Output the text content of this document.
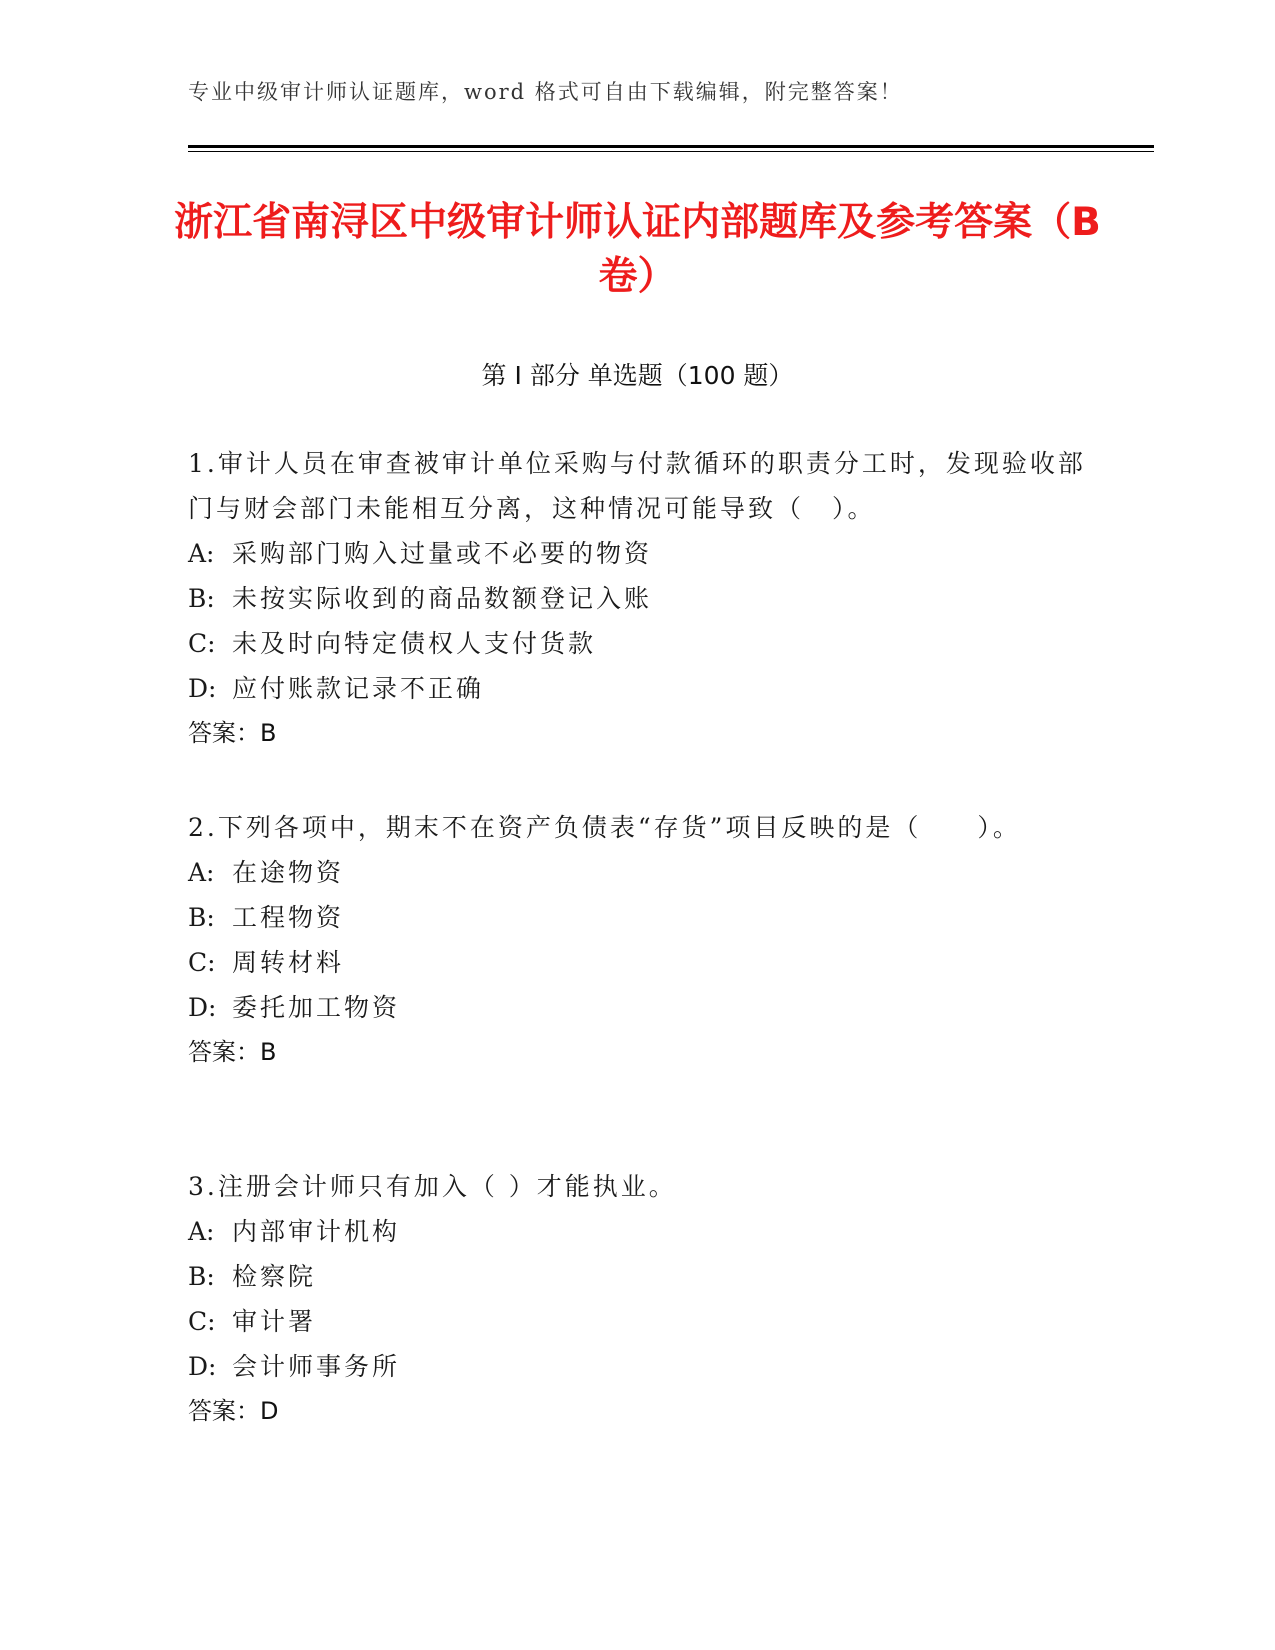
专业中级审计师认证题库，word 格式可自由下载编辑，附完整答案！
浙江省南浔区中级审计师认证内部题库及参考答案（B 卷）
第 I 部分 单选题（100 题）

1.审计人员在审查被审计单位采购与付款循环的职责分工时，发现验收部门与财会部门未能相互分离，这种情况可能导致（　）。

A: 采购部门购入过量或不必要的物资

B: 未按实际收到的商品数额登记入账

C: 未及时向特定债权人支付货款

D: 应付账款记录不正确

答案：B

2.下列各项中，期末不在资产负债表“存货”项目反映的是（　　）。

A: 在途物资

B: 工程物资

C: 周转材料

D: 委托加工物资

答案：B

3.注册会计师只有加入（ ）才能执业。

A: 内部审计机构

B: 检察院

C: 审计署

D: 会计师事务所

答案：D
